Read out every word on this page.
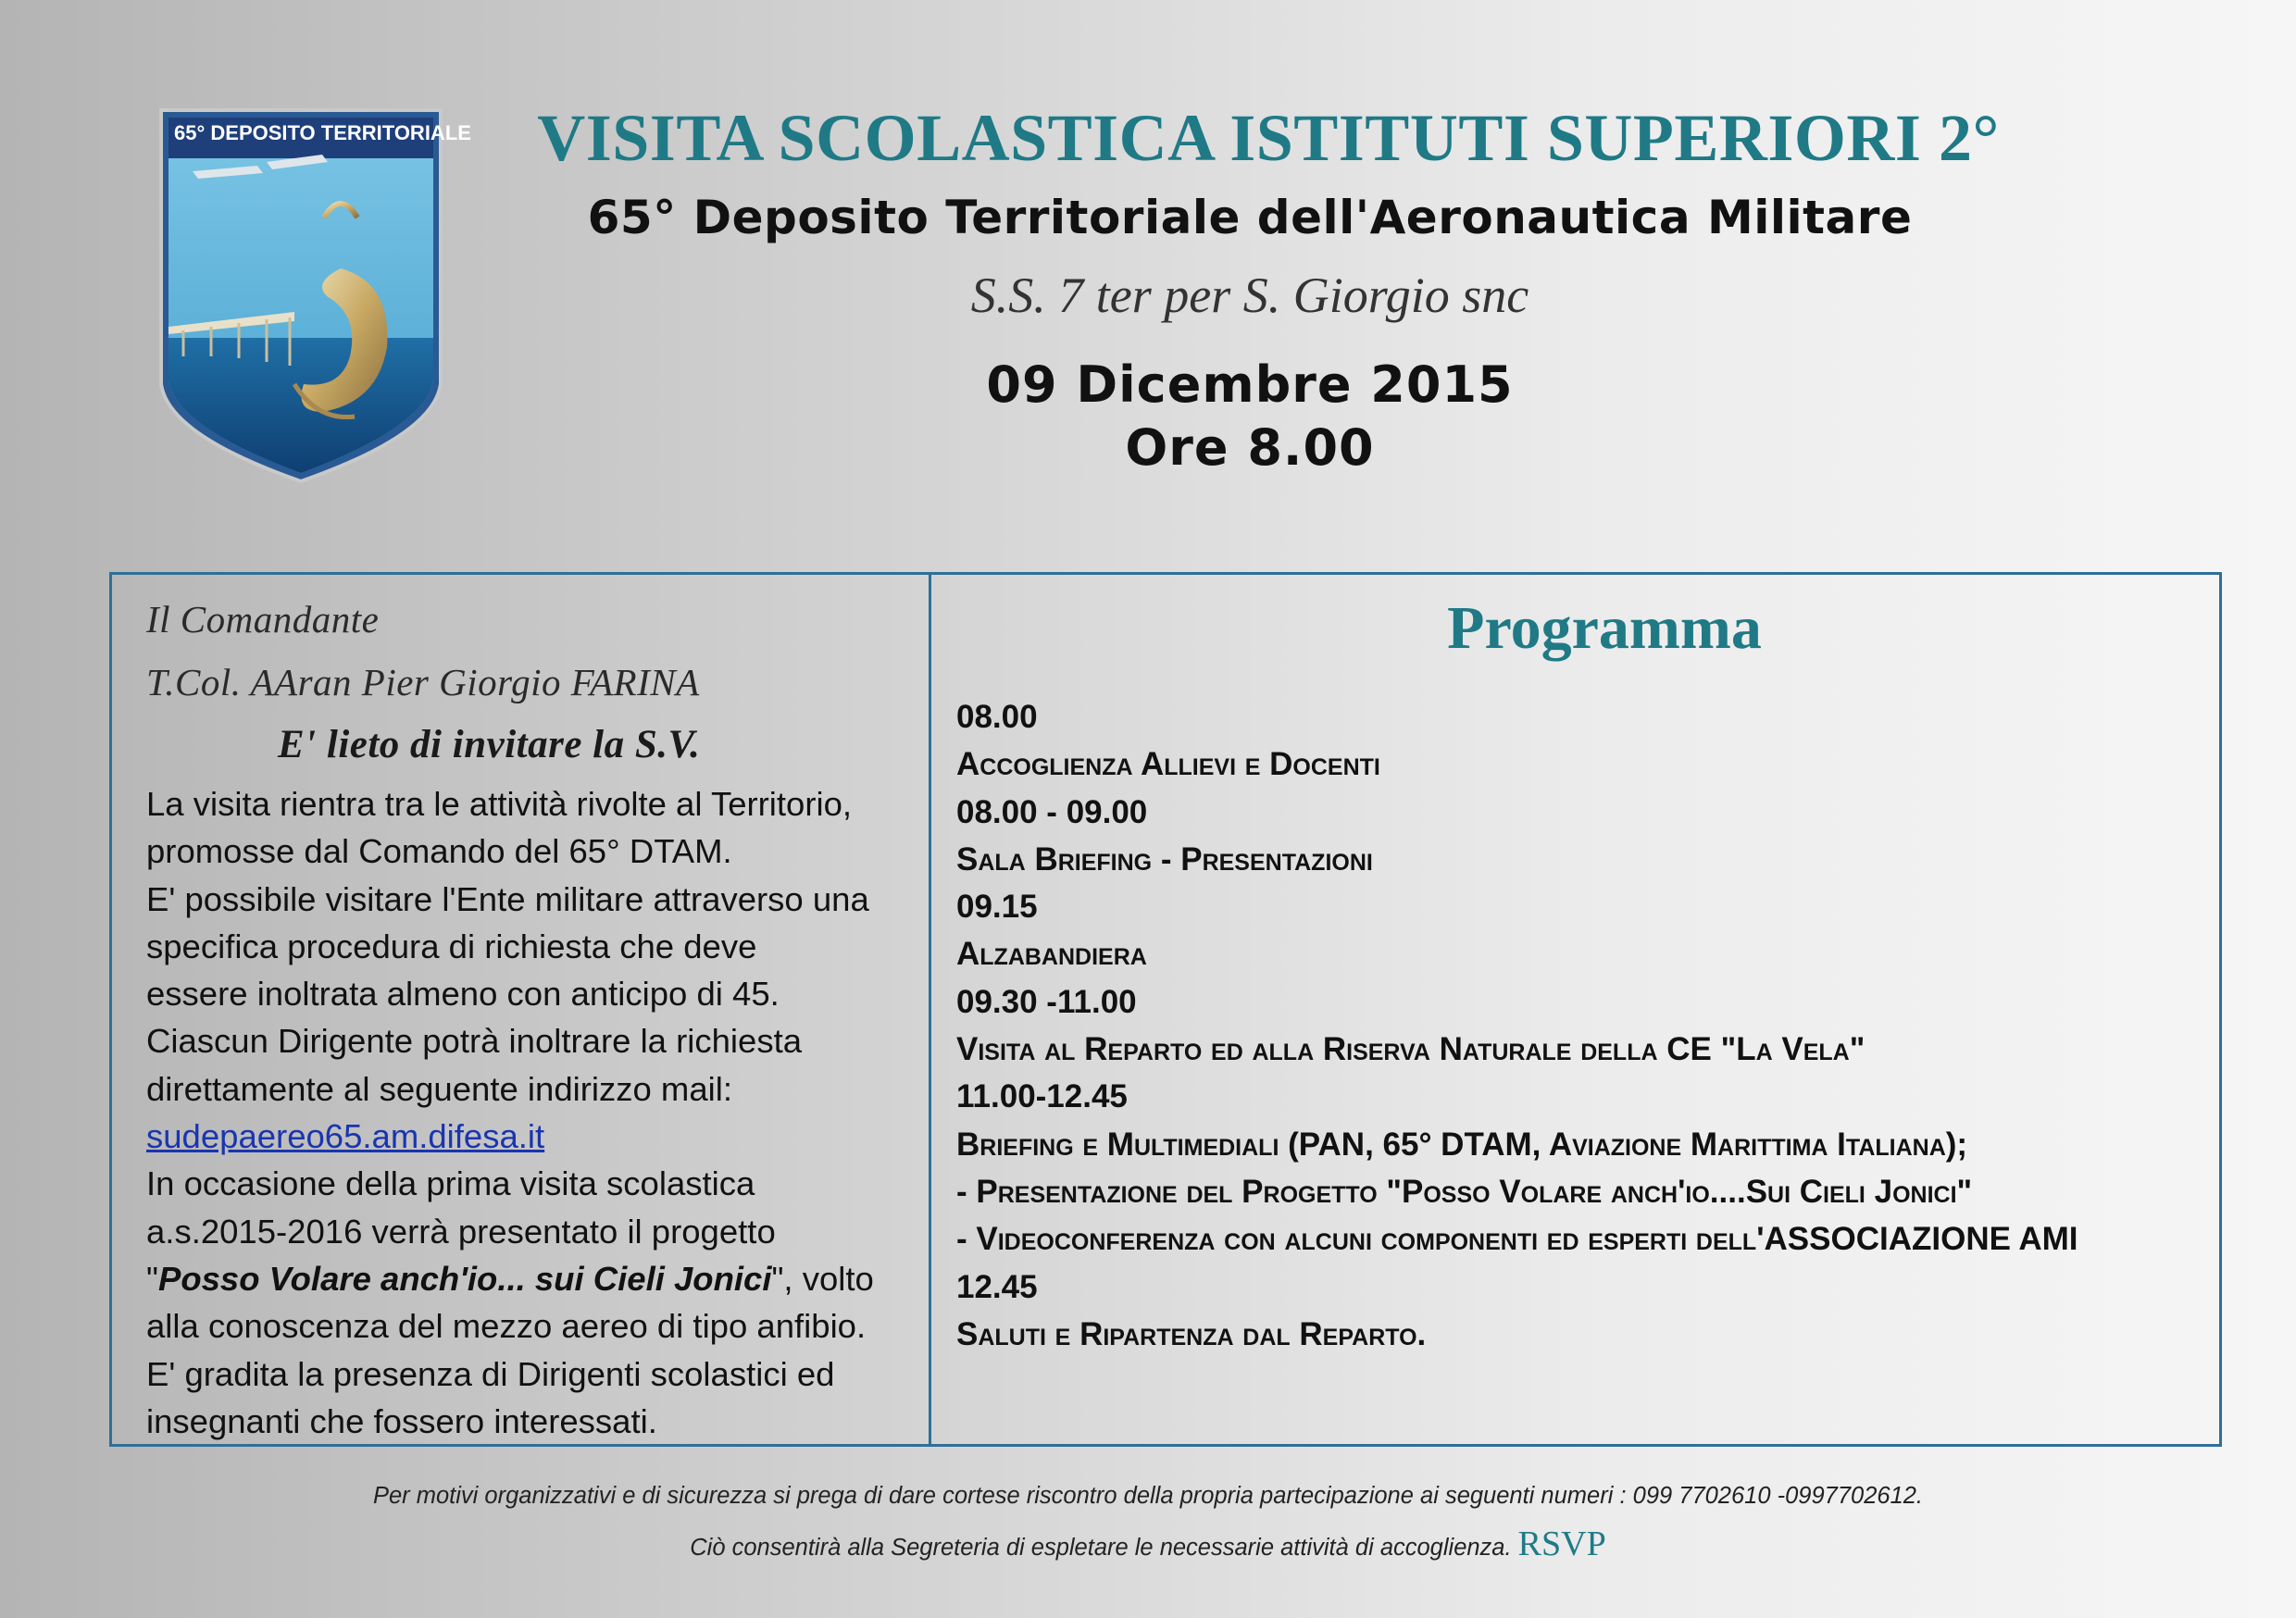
65° DEPOSITO TERRITORIALE VISITA SCOLASTICA ISTITUTI SUPERIORI 2°
65° Deposito Territoriale dell'Aeronautica Militare
S.S. 7 ter per S. Giorgio snc
09 Dicembre 2015
Ore 8.00
Il Comandante
T.Col. AAran Pier Giorgio FARINA
E' lieto di invitare la S.V.
La visita rientra tra le attività rivolte al Territorio,
promosse dal Comando del 65° DTAM.
E' possibile visitare l'Ente militare attraverso una
specifica procedura di richiesta che deve
essere inoltrata almeno con anticipo di 45.
Ciascun Dirigente potrà inoltrare la richiesta
direttamente al seguente indirizzo mail:
sudepaereo65.am.difesa.it
In occasione della prima visita scolastica
a.s.2015-2016 verrà presentato il progetto
"Posso Volare anch'io... sui Cieli Jonici", volto
alla conoscenza del mezzo aereo di tipo anfibio.
E' gradita la presenza di Dirigenti scolastici ed
insegnanti che fossero interessati.
Programma
08.00
Accoglienza Allievi e Docenti
08.00 - 09.00
Sala Briefing - Presentazioni
09.15
Alzabandiera
09.30 -11.00
Visita al Reparto ed alla Riserva Naturale della CE "La Vela"
11.00-12.45
Briefing e Multimediali (PAN, 65° DTAM, Aviazione Marittima Italiana);
- Presentazione del Progetto "Posso Volare anch'io....Sui Cieli Jonici"
- Videoconferenza con alcuni componenti ed esperti dell'ASSOCIAZIONE AMI
12.45
Saluti e Ripartenza dal Reparto.
Per motivi organizzativi e di sicurezza si prega di dare cortese riscontro della propria partecipazione ai seguenti numeri : 099 7702610 -0997702612.
Ciò consentirà alla Segreteria di espletare le necessarie attività di accoglienza. RSVP
